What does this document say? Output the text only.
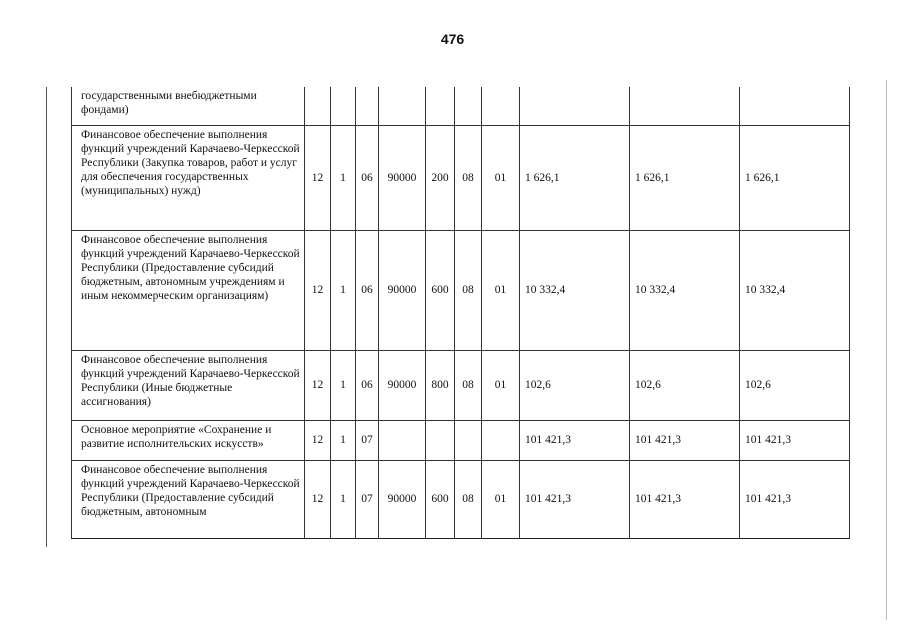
476
государственными внебюджетными фондами)										
Финансовое обеспечение выполнения функций учреждений Карачаево-Черкесской Республики (Закупка товаров, работ и услуг для обеспечения государственных (муниципальных) нужд)	12	1	06	90000	200	08	01	1 626,1	1 626,1	1 626,1
Финансовое обеспечение выполнения функций учреждений Карачаево-Черкесской Республики (Предоставление субсидий бюджетным, автономным учреждениям и иным некоммерческим организациям)	12	1	06	90000	600	08	01	10 332,4	10 332,4	10 332,4
Финансовое обеспечение выполнения функций учреждений Карачаево-Черкесской Республики (Иные бюджетные ассигнования)	12	1	06	90000	800	08	01	102,6	102,6	102,6
Основное мероприятие «Сохранение и развитие исполнительских искусств»	12	1	07					101 421,3	101 421,3	101 421,3
Финансовое обеспечение выполнения функций учреждений Карачаево-Черкесской Республики (Предоставление субсидий бюджетным, автономным	12	1	07	90000	600	08	01	101 421,3	101 421,3	101 421,3
